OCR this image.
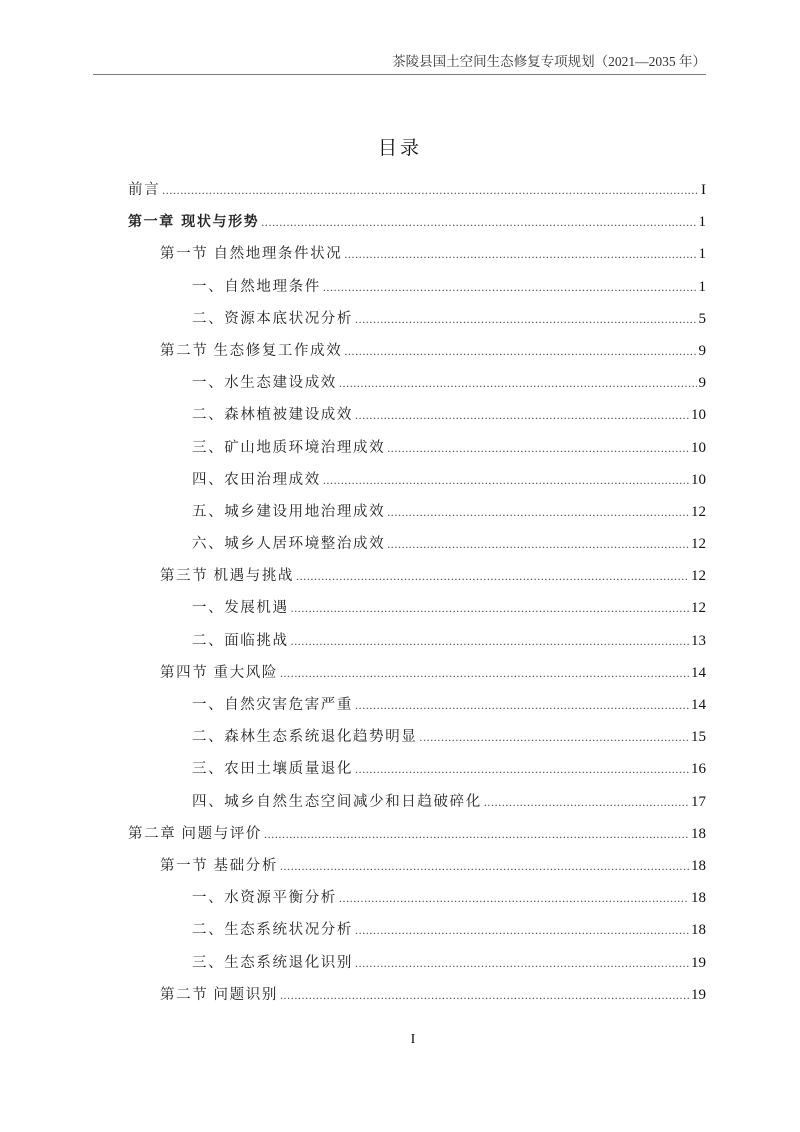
茶陵县国土空间生态修复专项规划（2021—2035 年）
目录
前言 .....	I
第一章 现状与形势 .....	1
第一节 自然地理条件状况 .....	1
一、自然地理条件 .....	1
二、资源本底状况分析 .....	5
第二节 生态修复工作成效 .....	9
一、水生态建设成效 .....	9
二、森林植被建设成效 .....	10
三、矿山地质环境治理成效 .....	10
四、农田治理成效 .....	10
五、城乡建设用地治理成效 .....	12
六、城乡人居环境整治成效 .....	12
第三节 机遇与挑战 .....	12
一、发展机遇 .....	12
二、面临挑战 .....	13
第四节 重大风险 .....	14
一、自然灾害危害严重 .....	14
二、森林生态系统退化趋势明显 .....	15
三、农田土壤质量退化 .....	16
四、城乡自然生态空间减少和日趋破碎化 .....	17
第二章 问题与评价 .....	18
第一节 基础分析 .....	18
一、水资源平衡分析 .....	18
二、生态系统状况分析 .....	18
三、生态系统退化识别 .....	19
第二节 问题识别 .....	19
I
